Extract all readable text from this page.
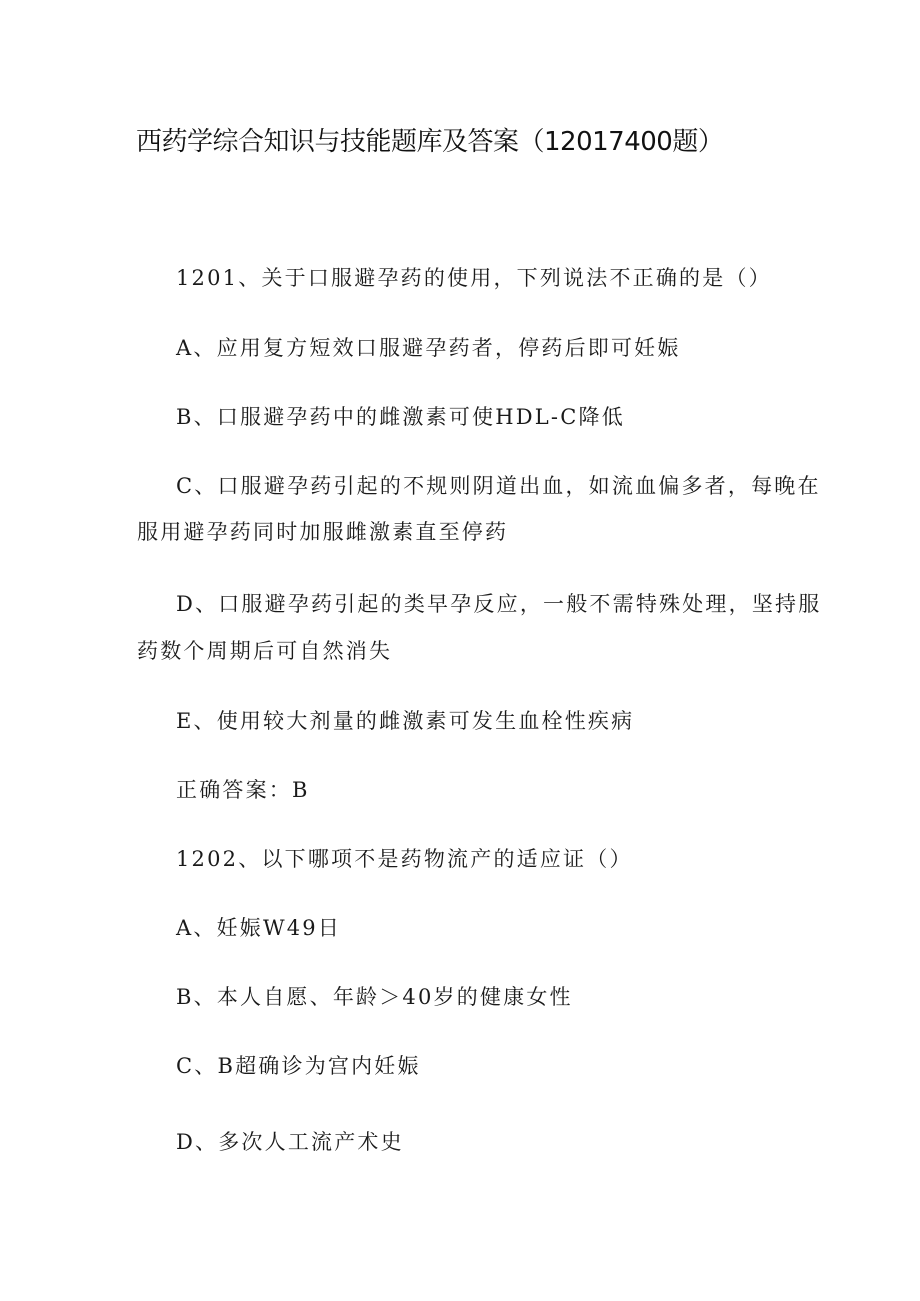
西药学综合知识与技能题库及答案（12017400题）
1201、关于口服避孕药的使用，下列说法不正确的是（）
A、应用复方短效口服避孕药者，停药后即可妊娠
B、口服避孕药中的雌激素可使HDL-C降低
C、口服避孕药引起的不规则阴道出血，如流血偏多者，每晚在
服用避孕药同时加服雌激素直至停药
D、口服避孕药引起的类早孕反应，一般不需特殊处理，坚持服
药数个周期后可自然消失
E、使用较大剂量的雌激素可发生血栓性疾病
正确答案：B
1202、以下哪项不是药物流产的适应证（）
A、妊娠W49日
B、本人自愿、年龄＞40岁的健康女性
C、B超确诊为宫内妊娠
D、多次人工流产术史
